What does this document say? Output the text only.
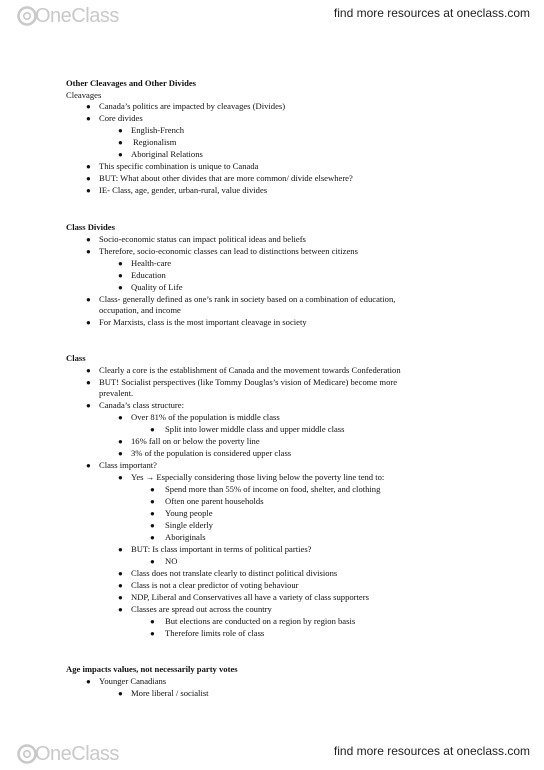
OneClass	find more resources at oneclass.com
Other Cleavages and Other Divides
Cleavages
● Canada’s politics are impacted by cleavages (Divides)
● Core divides
● English-French
● Regionalism
● Aboriginal Relations
● This specific combination is unique to Canada
● BUT: What about other divides that are more common/ divide elsewhere?
● IE- Class, age, gender, urban-rural, value divides
Class Divides
● Socio-economic status can impact political ideas and beliefs
● Therefore, socio-economic classes can lead to distinctions between citizens
● Health-care
● Education
● Quality of Life
● Class- generally defined as one’s rank in society based on a combination of education,
occupation, and income
● For Marxists, class is the most important cleavage in society
Class
● Clearly a core is the establishment of Canada and the movement towards Confederation
● BUT! Socialist perspectives (like Tommy Douglas’s vision of Medicare) become more
prevalent.
● Canada’s class structure:
● Over 81% of the population is middle class
● Split into lower middle class and upper middle class
● 16% fall on or below the poverty line
● 3% of the population is considered upper class
● Class important?
● Yes → Especially considering those living below the poverty line tend to:
● Spend more than 55% of income on food, shelter, and clothing
● Often one parent households
● Young people
● Single elderly
● Aboriginals
● BUT: Is class important in terms of political parties?
● NO
● Class does not translate clearly to distinct political divisions
● Class is not a clear predictor of voting behaviour
● NDP, Liberal and Conservatives all have a variety of class supporters
● Classes are spread out across the country
● But elections are conducted on a region by region basis
● Therefore limits role of class
Age impacts values, not necessarily party votes
● Younger Canadians
● More liberal / socialist
OneClass	find more resources at oneclass.com
